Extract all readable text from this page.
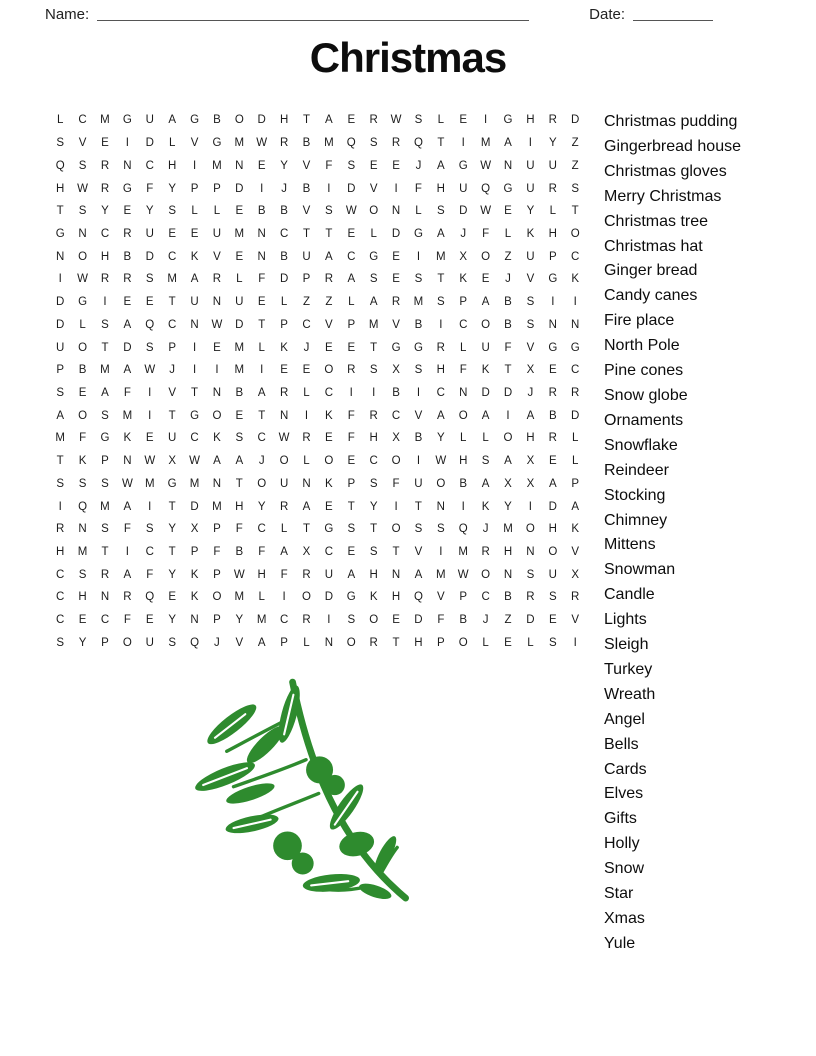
Name:	Date:
Christmas
L	C	M	G	U	A	G	B	O	D	H	T	A	E	R	W	S	L	E	I	G	H	R	D
S	V	E	I	D	L	V	G	M	W	R	B	M	Q	S	R	Q	T	I	M	A	I	Y	Z
Q	S	R	N	C	H	I	M	N	E	Y	V	F	S	E	E	J	A	G	W	N	U	U	Z
H	W	R	G	F	Y	P	P	D	I	J	B	I	D	V	I	F	H	U	Q	G	U	R	S
T	S	Y	E	Y	S	L	L	E	B	B	V	S	W	O	N	L	S	D	W	E	Y	L	T
G	N	C	R	U	E	E	U	M	N	C	T	T	E	L	D	G	A	J	F	L	K	H	O
N	O	H	B	D	C	K	V	E	N	B	U	A	C	G	E	I	M	X	O	Z	U	P	C
I	W	R	R	S	M	A	R	L	F	D	P	R	A	S	E	S	T	K	E	J	V	G	K
D	G	I	E	E	T	U	N	U	E	L	Z	Z	L	A	R	M	S	P	A	B	S	I	I
D	L	S	A	Q	C	N	W	D	T	P	C	V	P	M	V	B	I	C	O	B	S	N	N
U	O	T	D	S	P	I	E	M	L	K	J	E	E	T	G	G	R	L	U	F	V	G	G
P	B	M	A	W	J	I	I	M	I	E	E	O	R	S	X	S	H	F	K	T	X	E	C
S	E	A	F	I	V	T	N	B	A	R	L	C	I	I	B	I	C	N	D	D	J	R	R
A	O	S	M	I	T	G	O	E	T	N	I	K	F	R	C	V	A	O	A	I	A	B	D
M	F	G	K	E	U	C	K	S	C	W	R	E	F	H	X	B	Y	L	L	O	H	R	L
T	K	P	N	W	X	W	A	A	J	O	L	O	E	C	O	I	W	H	S	A	X	E	L
S	S	S	W	M	G	M	N	T	O	U	N	K	P	S	F	U	O	B	A	X	X	A	P
I	Q	M	A	I	T	D	M	H	Y	R	A	E	T	Y	I	T	N	I	K	Y	I	D	A
R	N	S	F	S	Y	X	P	F	C	L	T	G	S	T	O	S	S	Q	J	M	O	H	K
H	M	T	I	C	T	P	F	B	F	A	X	C	E	S	T	V	I	M	R	H	N	O	V
C	S	R	A	F	Y	K	P	W	H	F	R	U	A	H	N	A	M	W	O	N	S	U	X
C	H	N	R	Q	E	K	O	M	L	I	O	D	G	K	H	Q	V	P	C	B	R	S	R
C	E	C	F	E	Y	N	P	Y	M	C	R	I	S	O	E	D	F	B	J	Z	D	E	V
S	Y	P	O	U	S	Q	J	V	A	P	L	N	O	R	T	H	P	O	L	E	L	S	I
Christmas pudding
Gingerbread house
Christmas gloves
Merry Christmas
Christmas tree
Christmas hat
Ginger bread
Candy canes
Fire place
North Pole
Pine cones
Snow globe
Ornaments
Snowflake
Reindeer
Stocking
Chimney
Mittens
Snowman
Candle
Lights
Sleigh
Turkey
Wreath
Angel
Bells
Cards
Elves
Gifts
Holly
Snow
Star
Xmas
Yule
